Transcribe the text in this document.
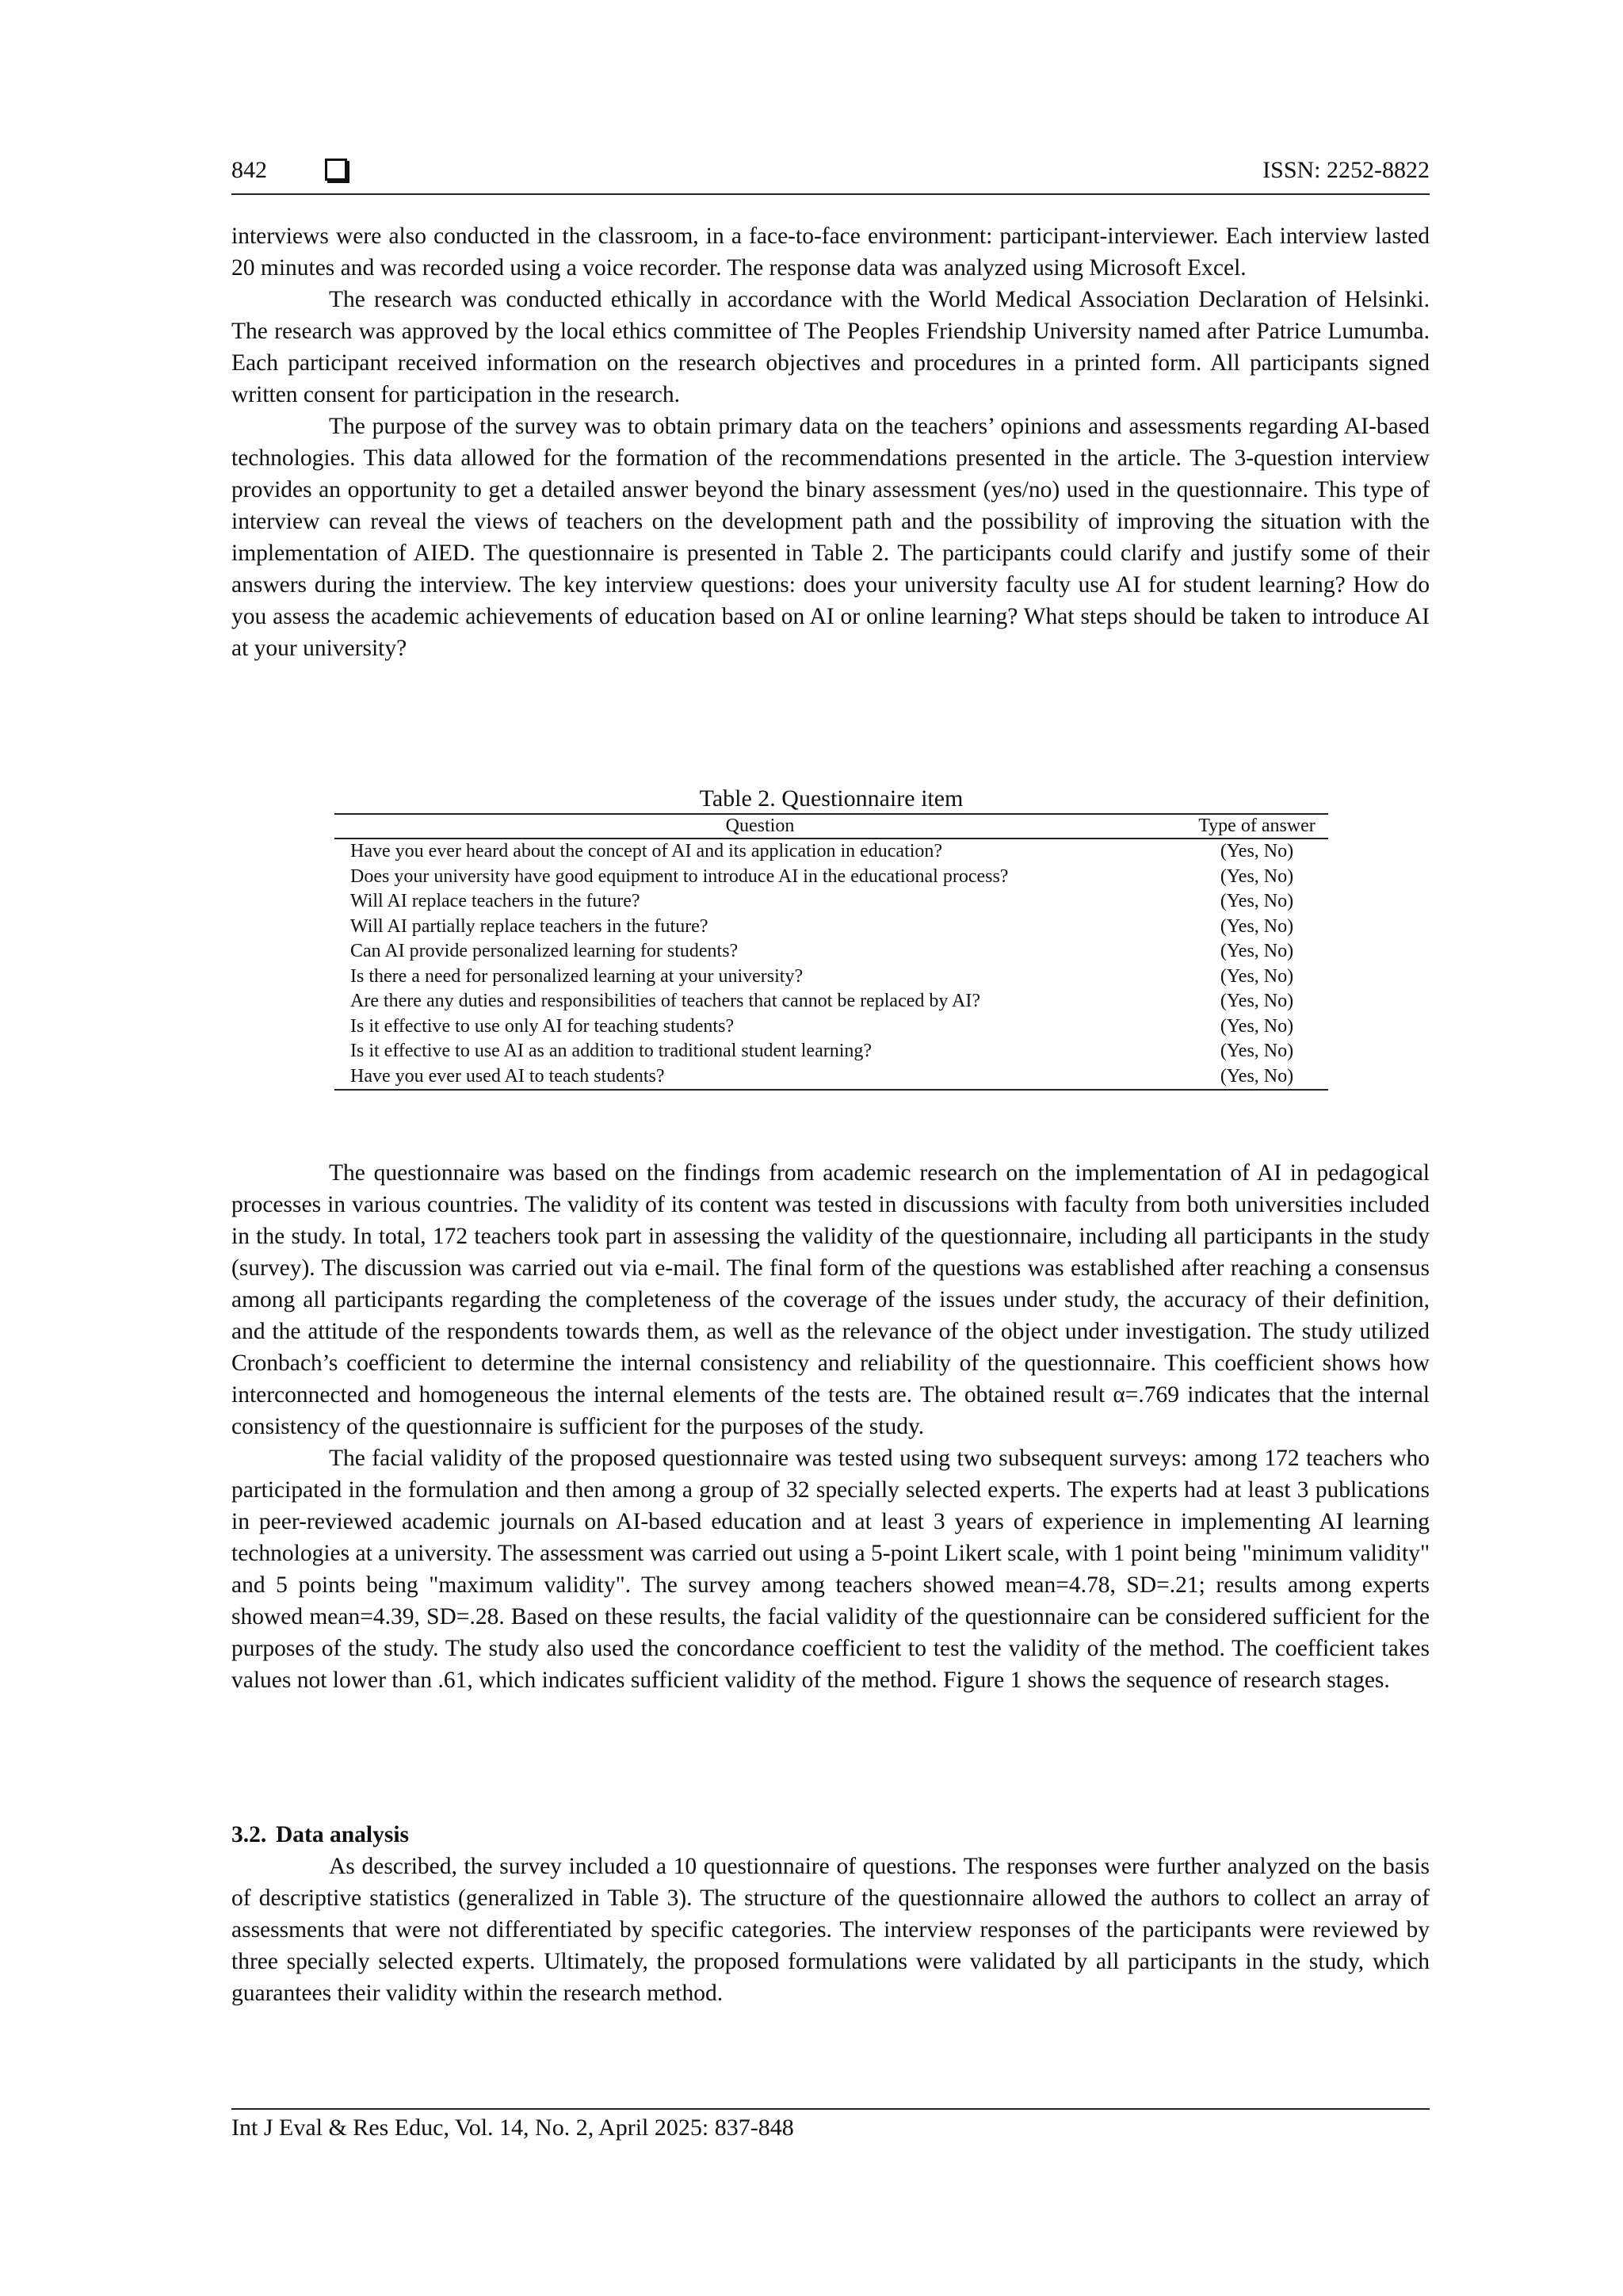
842	ISSN: 2252-8822

interviews were also conducted in the classroom, in a face-to-face environment: participant-interviewer. Each interview lasted 20 minutes and was recorded using a voice recorder. The response data was analyzed using Microsoft Excel.

The research was conducted ethically in accordance with the World Medical Association Declaration of Helsinki. The research was approved by the local ethics committee of The Peoples Friendship University named after Patrice Lumumba. Each participant received information on the research objectives and procedures in a printed form. All participants signed written consent for participation in the research.

The purpose of the survey was to obtain primary data on the teachers’ opinions and assessments regarding AI-based technologies. This data allowed for the formation of the recommendations presented in the article. The 3-question interview provides an opportunity to get a detailed answer beyond the binary assessment (yes/no) used in the questionnaire. This type of interview can reveal the views of teachers on the development path and the possibility of improving the situation with the implementation of AIED. The questionnaire is presented in Table 2. The participants could clarify and justify some of their answers during the interview. The key interview questions: does your university faculty use AI for student learning? How do you assess the academic achievements of education based on AI or online learning? What steps should be taken to introduce AI at your university?

Table 2. Questionnaire item
Question	Type of answer
Have you ever heard about the concept of AI and its application in education?	(Yes, No)
Does your university have good equipment to introduce AI in the educational process?	(Yes, No)
Will AI replace teachers in the future?	(Yes, No)
Will AI partially replace teachers in the future?	(Yes, No)
Can AI provide personalized learning for students?	(Yes, No)
Is there a need for personalized learning at your university?	(Yes, No)
Are there any duties and responsibilities of teachers that cannot be replaced by AI?	(Yes, No)
Is it effective to use only AI for teaching students?	(Yes, No)
Is it effective to use AI as an addition to traditional student learning?	(Yes, No)
Have you ever used AI to teach students?	(Yes, No)

The questionnaire was based on the findings from academic research on the implementation of AI in pedagogical processes in various countries. The validity of its content was tested in discussions with faculty from both universities included in the study. In total, 172 teachers took part in assessing the validity of the questionnaire, including all participants in the study (survey). The discussion was carried out via e-mail. The final form of the questions was established after reaching a consensus among all participants regarding the completeness of the coverage of the issues under study, the accuracy of their definition, and the attitude of the respondents towards them, as well as the relevance of the object under investigation. The study utilized Cronbach’s coefficient to determine the internal consistency and reliability of the questionnaire. This coefficient shows how interconnected and homogeneous the internal elements of the tests are. The obtained result α=.769 indicates that the internal consistency of the questionnaire is sufficient for the purposes of the study.

The facial validity of the proposed questionnaire was tested using two subsequent surveys: among 172 teachers who participated in the formulation and then among a group of 32 specially selected experts. The experts had at least 3 publications in peer-reviewed academic journals on AI-based education and at least 3 years of experience in implementing AI learning technologies at a university. The assessment was carried out using a 5-point Likert scale, with 1 point being "minimum validity" and 5 points being "maximum validity". The survey among teachers showed mean=4.78, SD=.21; results among experts showed mean=4.39, SD=.28. Based on these results, the facial validity of the questionnaire can be considered sufficient for the purposes of the study. The study also used the concordance coefficient to test the validity of the method. The coefficient takes values not lower than .61, which indicates sufficient validity of the method. Figure 1 shows the sequence of research stages.

3.2. Data analysis

As described, the survey included a 10 questionnaire of questions. The responses were further analyzed on the basis of descriptive statistics (generalized in Table 3). The structure of the questionnaire allowed the authors to collect an array of assessments that were not differentiated by specific categories. The interview responses of the participants were reviewed by three specially selected experts. Ultimately, the proposed formulations were validated by all participants in the study, which guarantees their validity within the research method.

Int J Eval & Res Educ, Vol. 14, No. 2, April 2025: 837-848
